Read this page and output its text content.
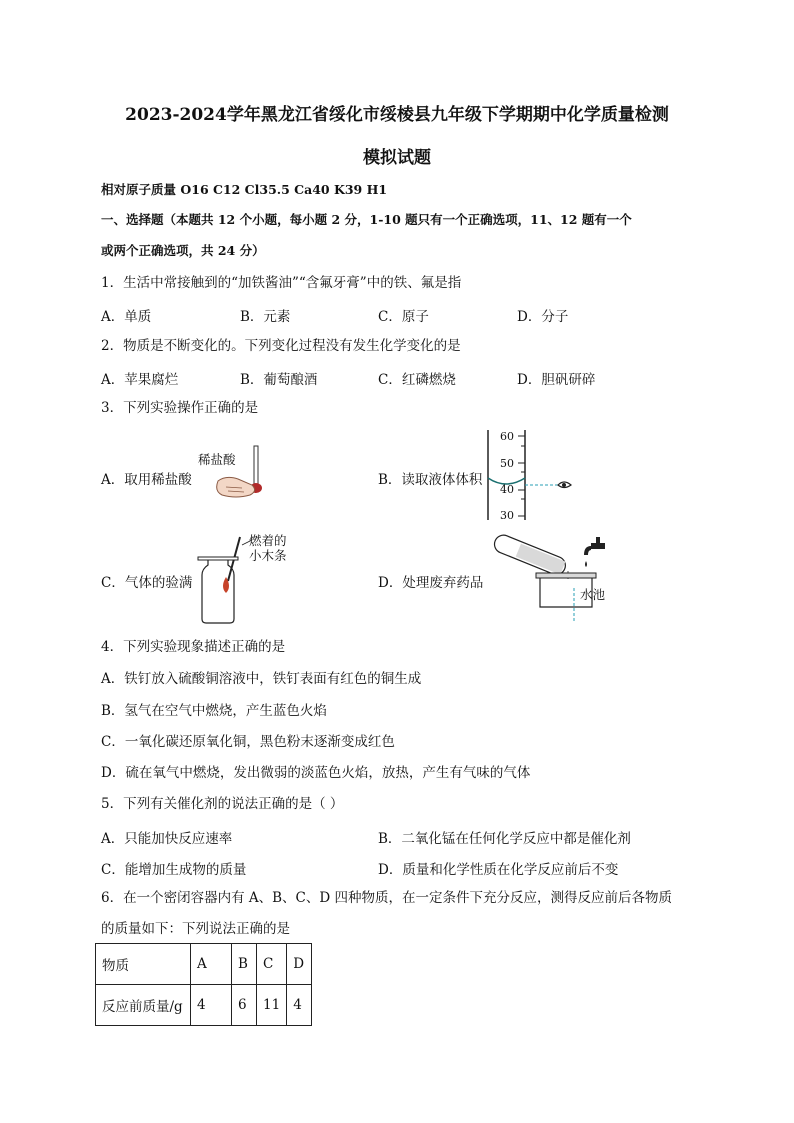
2023-2024学年黑龙江省绥化市绥棱县九年级下学期期中化学质量检测
模拟试题
相对原子质量 O16 C12 Cl35.5 Ca40 K39 H1
一、选择题（本题共 12 个小题，每小题 2 分，1-10 题只有一个正确选项，11、12 题有一个
或两个正确选项，共 24 分）
1．生活中常接触到的“加铁酱油”“含氟牙膏”中的铁、氟是指
A．单质	B．元素	C．原子	D．分子
2．物质是不断变化的。下列变化过程没有发生化学变化的是
A．苹果腐烂	B．葡萄酿酒	C．红磷燃烧	D．胆矾研碎
3．下列实验操作正确的是
A．取用稀盐酸	B．读取液体体积
C．气体的验满	D．处理废弃药品
稀盐酸
60
50
40
30
燃着的
小木条
水池
4．下列实验现象描述正确的是
A．铁钉放入硫酸铜溶液中，铁钉表面有红色的铜生成
B．氢气在空气中燃烧，产生蓝色火焰
C．一氧化碳还原氧化铜，黑色粉末逐渐变成红色
D．硫在氧气中燃烧，发出微弱的淡蓝色火焰，放热，产生有气味的气体
5．下列有关催化剂的说法正确的是（ ）
A．只能加快反应速率	B．二氧化锰在任何化学反应中都是催化剂
C．能增加生成物的质量	D．质量和化学性质在化学反应前后不变
6．在一个密闭容器内有 A、B、C、D 四种物质，在一定条件下充分反应，测得反应前后各物质
的质量如下：下列说法正确的是
物质	A	B	C	D
反应前质量/g	4	6	11	4
